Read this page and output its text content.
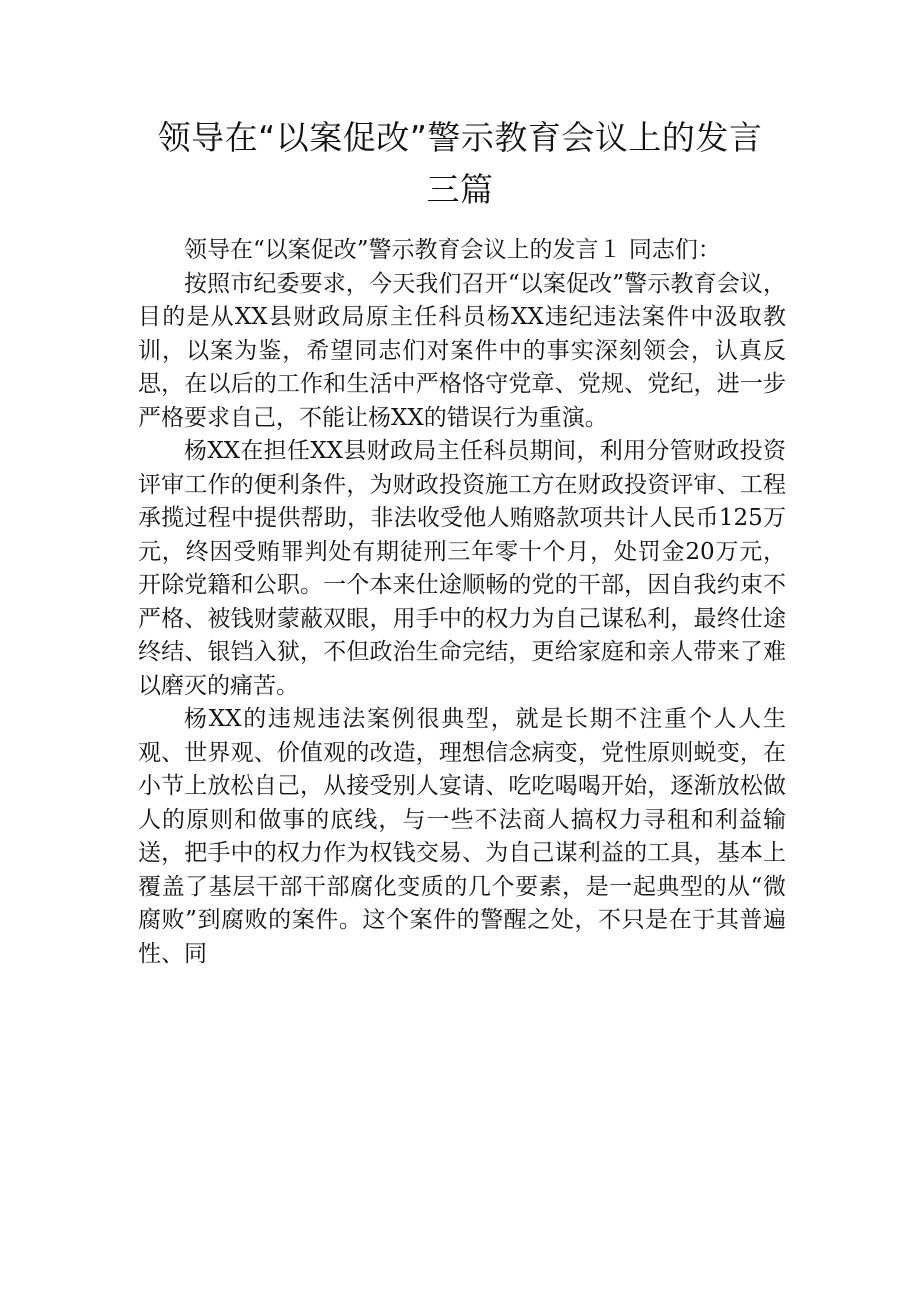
领导在“以案促改”警示教育会议上的发言
三篇

领导在“以案促改”警示教育会议上的发言１ 同志们：

按照市纪委要求，今天我们召开“以案促改”警示教育会议，目的是从XX县财政局原主任科员杨XX违纪违法案件中汲取教训，以案为鉴，希望同志们对案件中的事实深刻领会，认真反思，在以后的工作和生活中严格恪守党章、党规、党纪，进一步严格要求自己，不能让杨XX的错误行为重演。

杨XX在担任XX县财政局主任科员期间，利用分管财政投资评审工作的便利条件，为财政投资施工方在财政投资评审、工程承揽过程中提供帮助，非法收受他人贿赂款项共计人民币125万元，终因受贿罪判处有期徒刑三年零十个月，处罚金20万元，开除党籍和公职。一个本来仕途顺畅的党的干部，因自我约束不严格、被钱财蒙蔽双眼，用手中的权力为自己谋私利，最终仕途终结、银铛入狱，不但政治生命完结，更给家庭和亲人带来了难以磨灭的痛苦。

杨XX的违规违法案例很典型，就是长期不注重个人人生观、世界观、价值观的改造，理想信念病变，党性原则蜕变，在小节上放松自己，从接受别人宴请、吃吃喝喝开始，逐渐放松做人的原则和做事的底线，与一些不法商人搞权力寻租和利益输送，把手中的权力作为权钱交易、为自己谋利益的工具，基本上覆盖了基层干部干部腐化变质的几个要素，是一起典型的从“微腐败”到腐败的案件。这个案件的警醒之处，不只是在于其普遍性、同
